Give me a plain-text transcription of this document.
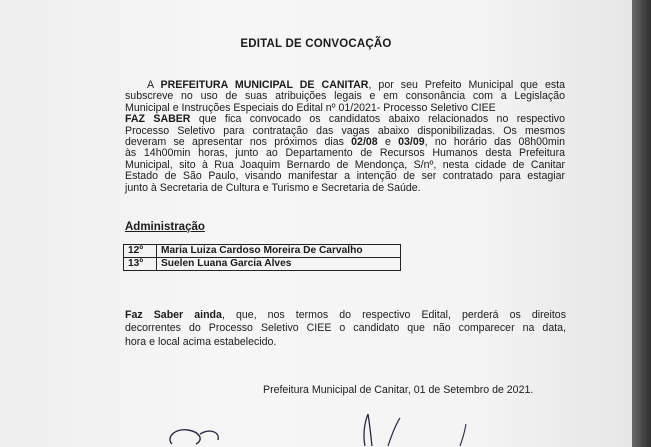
EDITAL DE CONVOCAÇÃO
A PREFEITURA MUNICIPAL DE CANITAR, por seu Prefeito Municipal que esta
subscreve no uso de suas atribuições legais e em consonância com a Legislação
Municipal e Instruções Especiais do Edital nº 01/2021- Processo Seletivo CIEE
FAZ SABER que fica convocado os candidatos abaixo relacionados no respectivo
Processo Seletivo para contratação das vagas abaixo disponibilizadas. Os mesmos
deveram se apresentar nos próximos dias 02/08 e 03/09, no horário das 08h00min
às 14h00min horas, junto ao Departamento de Recursos Humanos desta Prefeitura
Municipal, sito à Rua Joaquim Bernardo de Mendonça, S/nº, nesta cidade de Canitar
Estado de São Paulo, visando manifestar a intenção de ser contratado para estagiar
junto à Secretaria de Cultura e Turismo e Secretaria de Saúde.
Administração
12º	Maria Luiza Cardoso Moreira De Carvalho
13º	Suelen Luana Garcia Alves
Faz Saber ainda, que, nos termos do respectivo Edital, perderá os direitos
decorrentes do Processo Seletivo CIEE o candidato que não comparecer na data,
hora e local acima estabelecido.
Prefeitura Municipal de Canitar, 01 de Setembro de 2021.
